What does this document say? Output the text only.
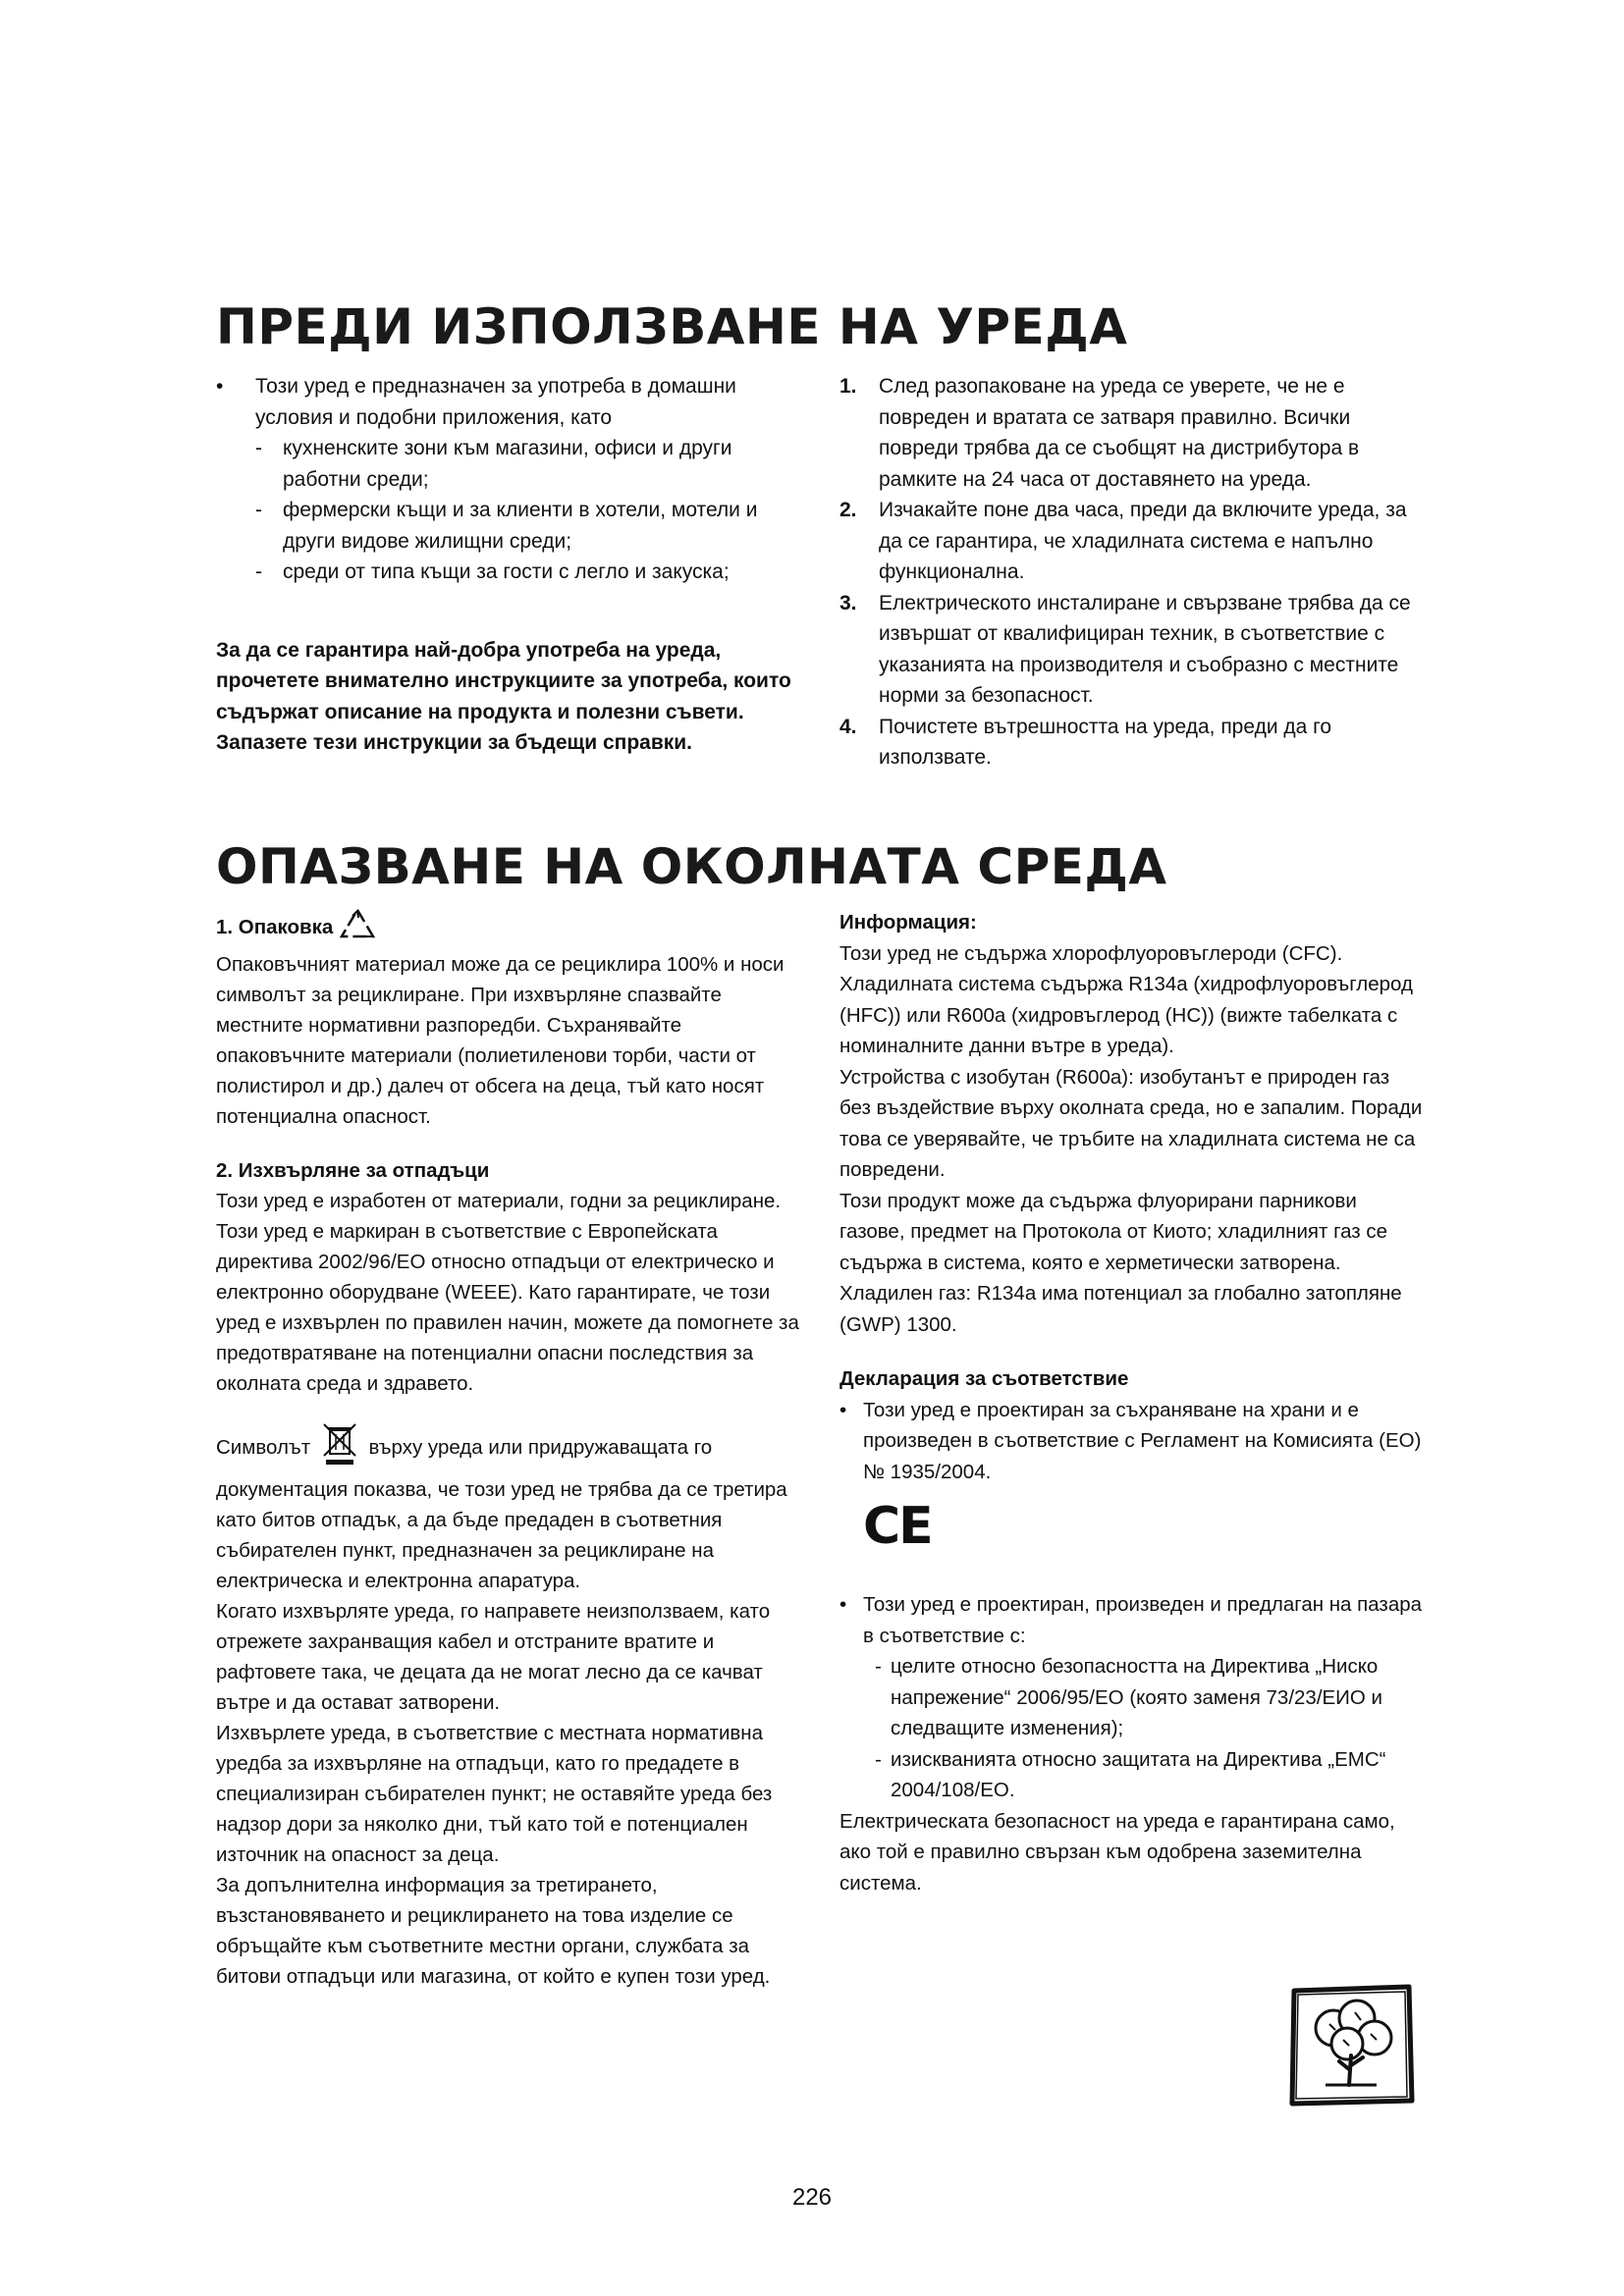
ПРЕДИ ИЗПОЛЗВАНЕ НА УРЕДА
• Този уред е предназначен за употреба в домашни условия и подобни приложения, като

- кухненските зони към магазини, офиси и други работни среди;

- фермерски къщи и за клиенти в хотели, мотели и други видове жилищни среди;

- среди от типа къщи за гости с легло и закуска;

За да се гарантира най-добра употреба на уреда, прочетете внимателно инструкциите за употреба, които съдържат описание на продукта и полезни съвети.

Запазете тези инструкции за бъдещи справки.

1. След разопаковане на уреда се уверете, че не е повреден и вратата се затваря правилно. Всички повреди трябва да се съобщят на дистрибутора в рамките на 24 часа от доставянето на уреда.

2. Изчакайте поне два часа, преди да включите уреда, за да се гарантира, че хладилната система е напълно функционална.

3. Електрическото инсталиране и свързване трябва да се извършат от квалифициран техник, в съответствие с указанията на производителя и съобразно с местните норми за безопасност.

4. Почистете вътрешността на уреда, преди да го използвате.

ОПАЗВАНЕ НА ОКОЛНАТА СРЕДА

1. Опаковка

Опаковъчният материал може да се рециклира 100% и носи символът за рециклиране. При изхвърляне спазвайте местните нормативни разпоредби. Съхранявайте опаковъчните материали (полиетиленови торби, части от полистирол и др.) далеч от обсега на деца, тъй като носят потенциална опасност.

2. Изхвърляне за отпадъци

Този уред е изработен от материали, годни за рециклиране.

Този уред е маркиран в съответствие с Европейската директива 2002/96/ЕО относно отпадъци от електрическо и електронно оборудване (WEEE). Като гарантирате, че този уред е изхвърлен по правилен начин, можете да помогнете за предотвратяване на потенциални опасни последствия за околната среда и здравето.

Символът	върху уреда или придружаващата го документация показва, че този уред не трябва да се третира като битов отпадък, а да бъде предаден в съответния събирателен пункт, предназначен за рециклиране на електрическа и електронна апаратура.

Когато изхвърляте уреда, го направете неизползваем, като отрежете захранващия кабел и отстраните вратите и рафтовете така, че децата да не могат лесно да се качват вътре и да остават затворени.

Изхвърлете уреда, в съответствие с местната нормативна уредба за изхвърляне на отпадъци, като го предадете в специализиран събирателен пункт; не оставяйте уреда без надзор дори за няколко дни, тъй като той е потенциален източник на опасност за деца.

За допълнителна информация за третирането, възстановяването и рециклирането на това изделие се обръщайте към съответните местни органи, службата за битови отпадъци или магазина, от който е купен този уред.

Информация:

Този уред не съдържа хлорофлуоровъглероди (CFC). Хладилната система съдържа R134a (хидрофлуоровъглерод (HFC)) или R600a (хидровъглерод (HC)) (вижте табелката с номиналните данни вътре в уреда).

Устройства с изобутан (R600a): изобутанът е природен газ без въздействие върху околната среда, но е запалим. Поради това се уверявайте, че тръбите на хладилната система не са повредени.

Този продукт може да съдържа флуорирани парникови газове, предмет на Протокола от Киото; хладилният газ се съдържа в система, която е херметически затворена.

Хладилен газ: R134a има потенциал за глобално затопляне (GWP) 1300.

Декларация за съответствие

• Този уред е проектиран за съхраняване на храни и е произведен в съответствие с Регламент на Комисията (ЕО) № 1935/2004.

CE
• Този уред е проектиран, произведен и предлаган на пазара в съответствие с:

- целите относно безопасността на Директива „Ниско напрежение“ 2006/95/ЕО (която заменя 73/23/ЕИО и следващите изменения);

- изискванията относно защитата на Директива „EMC“ 2004/108/ЕО.

Електрическата безопасност на уреда е гарантирана само, ако той е правилно свързан към одобрена заземителна система.

226
